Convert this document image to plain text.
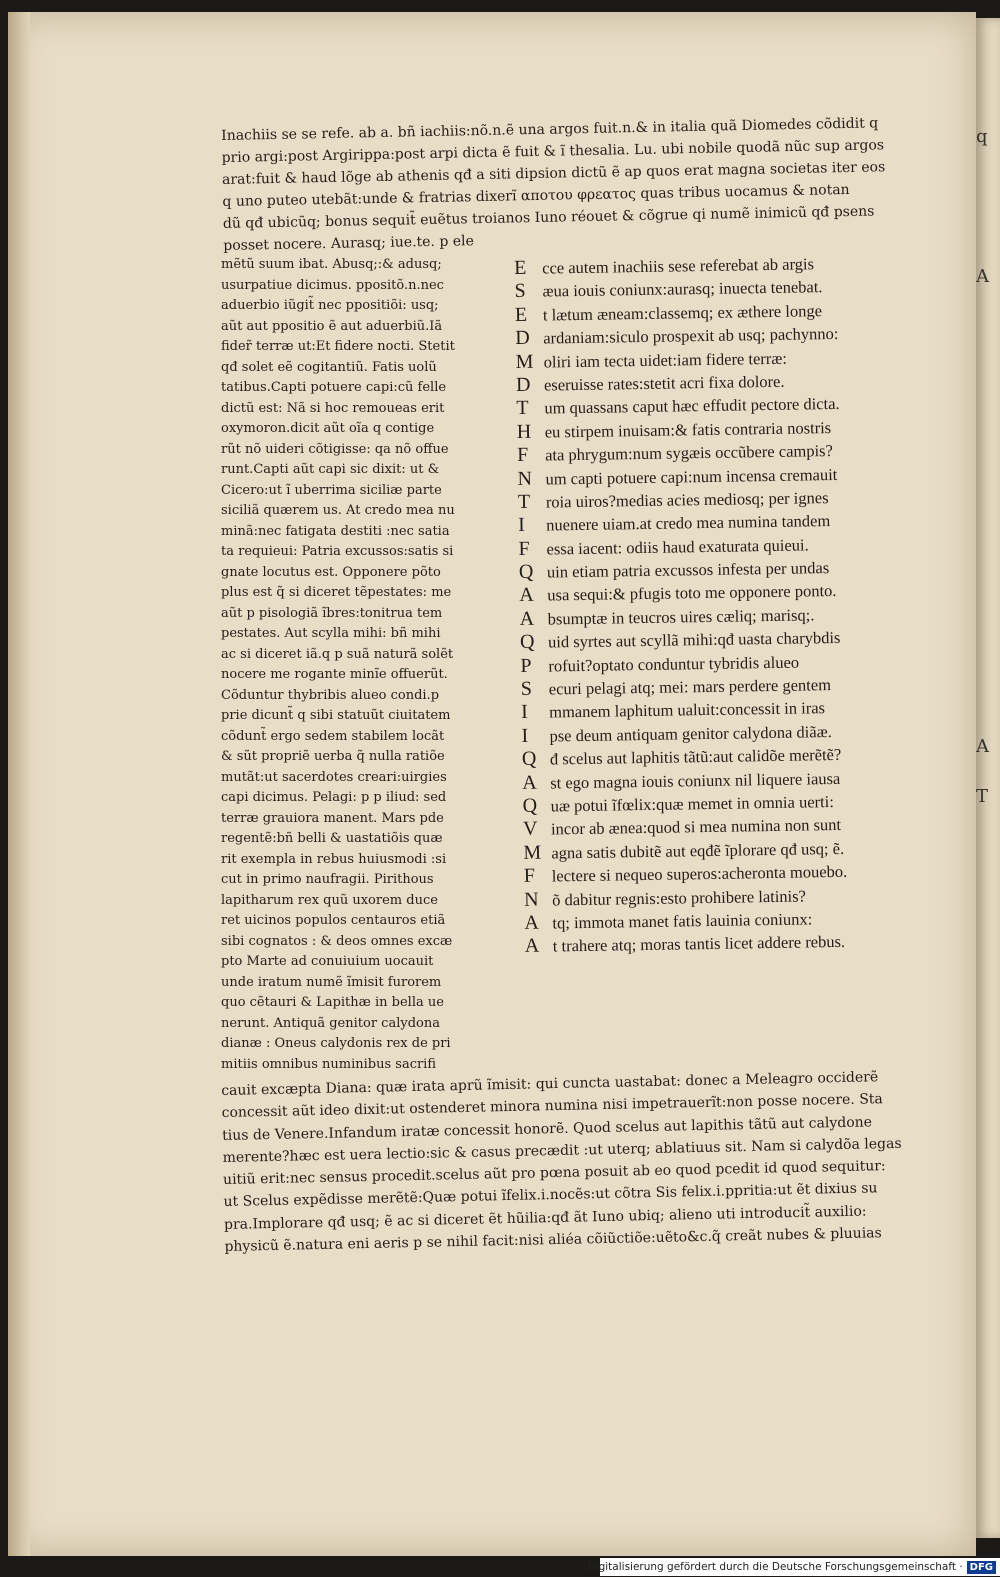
q
A
A
T
Inachiis se se refe. ab a. bñ iachiis:nõ.n.ẽ una argos fuit.n.& in italia quã Diomedes cõdidit q
prio argi:post Argirippa:post arpi dicta ẽ fuit & ĩ thesalia. Lu. ubi nobile quodã nũc sup argos
arat:fuit & haud lõge ab athenis qđ a siti dipsion dictũ ẽ ap quos erat magna societas iter eos
q uno puteo utebãt:unde & fratrias dixerĩ απoτoυ φρεατος quas tribus uocamus & notan
dũ qđ ubicũq; bonus sequit̃ euẽtus troianos Iuno réouet & cõgrue qi numẽ inimicũ qđ psens
posset nocere. Aurasq; iue.te. p ele
mẽtũ suum ibat. Abusq;:& adusq;
usurpatiue dicimus. ppositõ.n.nec
aduerbio iũgit̃ nec ppositiõi: usq;
aũt aut ppositio ẽ aut aduerbiũ.Iã
fider̃ terræ ut:Et fidere nocti. Stetit
qđ solet eẽ cogitantiũ. Fatis uolũ
tatibus.Capti potuere capi:cũ felle
dictũ est: Nã si hoc remoueas erit
oxymoron.dicit aũt oĩa q contige
rũt nõ uideri cõtigisse: qa nõ offue
runt.Capti aũt capi sic dixit: ut &
Cicero:ut ĩ uberrima siciliæ parte
siciliã quærem us. At credo mea nu
minã:nec fatigata destiti :nec satia
ta requieui: Patria excussos:satis si
gnate locutus est. Opponere põto
plus est q̃ si diceret tẽpestates: me
aũt p pisologiã ĩbres:tonitrua tem
pestates. Aut scylla mihi: bñ mihi
ac si diceret iã.q p suã naturã solẽt
nocere me rogante minĩe offuerũt.
Cõduntur thybribis alueo condi.p
prie dicunt̃ q sibi statuũt ciuitatem
cõdunt̃ ergo sedem stabilem locãt
& sũt propriẽ uerba q̃ nulla ratiõe
mutãt:ut sacerdotes creari:uirgies
capi dicimus. Pelagi: p p iliud: sed
terræ grauiora manent. Mars pde
regentẽ:bñ belli & uastatiõis quæ
rit exempla in rebus huiusmodi :si
cut in primo naufragii. Pirithous
lapitharum rex quũ uxorem duce
ret uicinos populos centauros etiã
sibi cognatos : & deos omnes excæ
pto Marte ad conuiuium uocauit
unde iratum numẽ ĩmisit furorem
quo cẽtauri & Lapithæ in bella ue
nerunt. Antiquã genitor calydona
dianæ : Oneus calydonis rex de pri
mitiis omnibus numinibus sacrifi
E cce autem inachiis sese referebat ab argis
S	æua iouis coniunx:aurasq; inuecta tenebat.
E t lætum æneam:classemq; ex æthere longe
D ardaniam:siculo prospexit ab usq; pachynno:
M oliri iam tecta uidet:iam fidere terræ:
D eseruisse rates:stetit acri fixa dolore.
T um quassans caput hæc effudit pectore dicta.
H eu stirpem inuisam:& fatis contraria nostris
F	ata phrygum:num sygæis occũbere campis?
N um capti potuere capi:num incensa cremauit
T roia uiros?medias acies mediosq; per ignes
I	nuenere uiam.at credo mea numina tandem
F	essa iacent: odiis haud exaturata quieui.
Q uin etiam patria excussos infesta per undas
A usa sequi:& pfugis toto me opponere ponto.
A bsumptæ in teucros uires cæliq; marisq;.
Q uid syrtes aut scyllã mihi:qđ uasta charybdis
P	rofuit?optato conduntur tybridis alueo
S	ecuri pelagi atq; mei: mars perdere gentem
I	mmanem laphitum ualuit:concessit in iras
I	pse deum antiquam genitor calydona diãæ.
Q đ scelus aut laphitis tãtũ:aut calidõe merẽtẽ?
A st ego magna iouis coniunx nil liquere iausa
Q uæ potui ĩfœlix:quæ memet in omnia uerti:
V incor ab ænea:quod si mea numina non sunt
M agna satis dubitẽ aut eqđẽ ĩplorare qđ usq; ẽ.
F	lectere si nequeo superos:acheronta mouebo.
N õ dabitur regnis:esto prohibere latinis?
A tq; immota manet fatis lauinia coniunx:
A t trahere atq; moras tantis licet addere rebus.
cauit excæpta Diana: quæ irata aprũ ĩmisit: qui cuncta uastabat: donec a Meleagro occiderẽ
concessit aũt ideo dixit:ut ostenderet minora numina nisi impetrauerĩt:non posse nocere. Sta
tius de Venere.Infandum iratæ concessit honorẽ. Quod scelus aut lapithis tãtũ aut calydone
merente?hæc est uera lectio:sic & casus precædit :ut uterq; ablatiuus sit. Nam si calydõa legas
uitiũ erit:nec sensus procedit.scelus aũt pro pœna posuit ab eo quod pcedit id quod sequitur:
ut Scelus expẽdisse merẽtẽ:Quæ potui ĩfelix.i.nocẽs:ut cõtra Sis felix.i.ppritia:ut ẽt dixius su
pra.Implorare qđ usq; ẽ ac si diceret ẽt hũilia:qđ ãt Iuno ubiq; alieno uti introducit̃ auxilio:
physicũ ẽ.natura eni aeris p se nihil facit:nisi aliéa cõiũctiõe:uẽto&c.q̃ creãt nubes & pluuias
Digitalisierung gefördert durch die Deutsche Forschungsgemeinschaft · DFG
